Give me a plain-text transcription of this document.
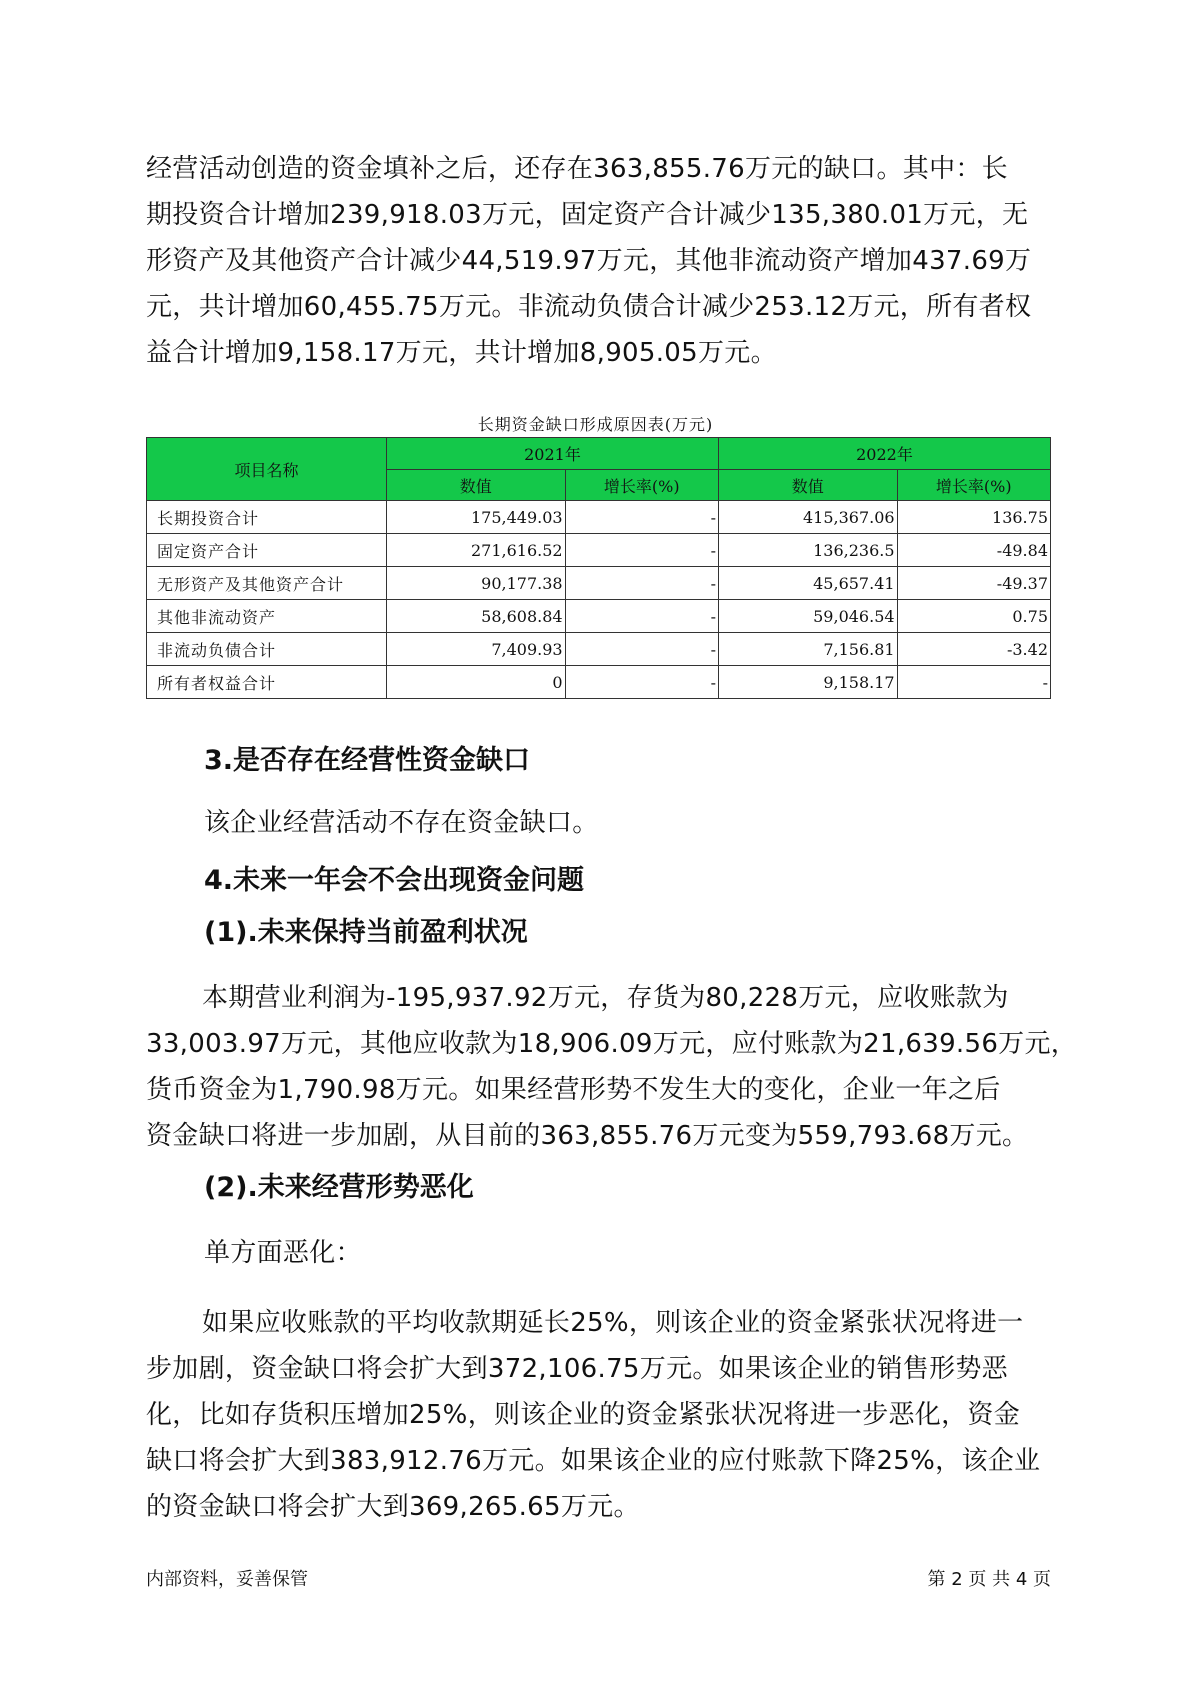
经营活动创造的资金填补之后，还存在363,855.76万元的缺口。其中：长
期投资合计增加239,918.03万元，固定资产合计减少135,380.01万元，无
形资产及其他资产合计减少44,519.97万元，其他非流动资产增加437.69万
元，共计增加60,455.75万元。非流动负债合计减少253.12万元，所有者权
益合计增加9,158.17万元，共计增加8,905.05万元。
长期资金缺口形成原因表(万元)
项目名称	2021年		2022年	
	数值	增长率(%)	数值	增长率(%)
长期投资合计	175,449.03	-	415,367.06	136.75
固定资产合计	271,616.52	-	136,236.5	-49.84
无形资产及其他资产合计	90,177.38	-	45,657.41	-49.37
其他非流动资产	58,608.84	-	59,046.54	0.75
非流动负债合计	7,409.93	-	7,156.81	-3.42
所有者权益合计	0	-	9,158.17	-
3.是否存在经营性资金缺口
该企业经营活动不存在资金缺口。
4.未来一年会不会出现资金问题
(1).未来保持当前盈利状况
本期营业利润为-195,937.92万元，存货为80,228万元，应收账款为
33,003.97万元，其他应收款为18,906.09万元，应付账款为21,639.56万元，
货币资金为1,790.98万元。如果经营形势不发生大的变化，企业一年之后
资金缺口将进一步加剧，从目前的363,855.76万元变为559,793.68万元。
(2).未来经营形势恶化
单方面恶化：
如果应收账款的平均收款期延长25%，则该企业的资金紧张状况将进一
步加剧，资金缺口将会扩大到372,106.75万元。如果该企业的销售形势恶
化，比如存货积压增加25%，则该企业的资金紧张状况将进一步恶化，资金
缺口将会扩大到383,912.76万元。如果该企业的应付账款下降25%，该企业
的资金缺口将会扩大到369,265.65万元。
内部资料，妥善保管	第 2 页 共 4 页
